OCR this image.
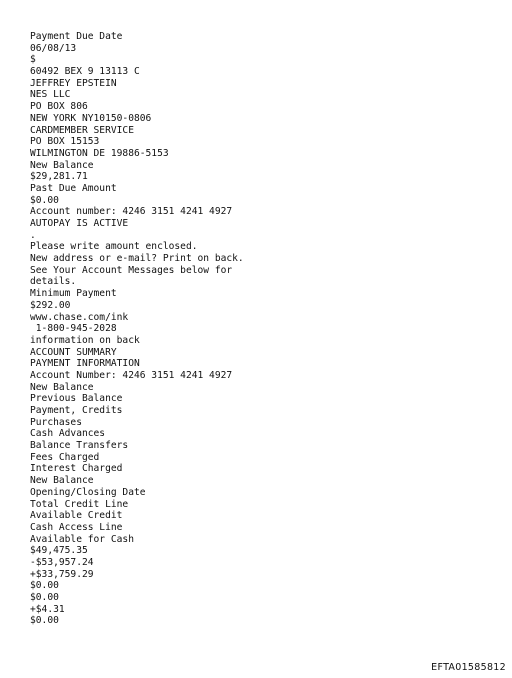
Payment Due Date
06/08/13
$
60492 BEX 9 13113 C
JEFFREY EPSTEIN
NES LLC
PO BOX 806
NEW YORK NY10150-0806
CARDMEMBER SERVICE
PO BOX 15153
WILMINGTON DE 19886-5153
New Balance
$29,281.71
Past Due Amount
$0.00
Account number: 4246 3151 4241 4927
AUTOPAY IS ACTIVE
.
Please write amount enclosed.
New address or e-mail? Print on back.
See Your Account Messages below for
details.
Minimum Payment
$292.00
www.chase.com/ink
1-800-945-2028
information on back
ACCOUNT SUMMARY
PAYMENT INFORMATION
Account Number: 4246 3151 4241 4927
New Balance
Previous Balance
Payment, Credits
Purchases
Cash Advances
Balance Transfers
Fees Charged
Interest Charged
New Balance
Opening/Closing Date
Total Credit Line
Available Credit
Cash Access Line
Available for Cash
$49,475.35
-$53,957.24
+$33,759.29
$0.00
$0.00
+$4.31
$0.00
EFTA01585812
